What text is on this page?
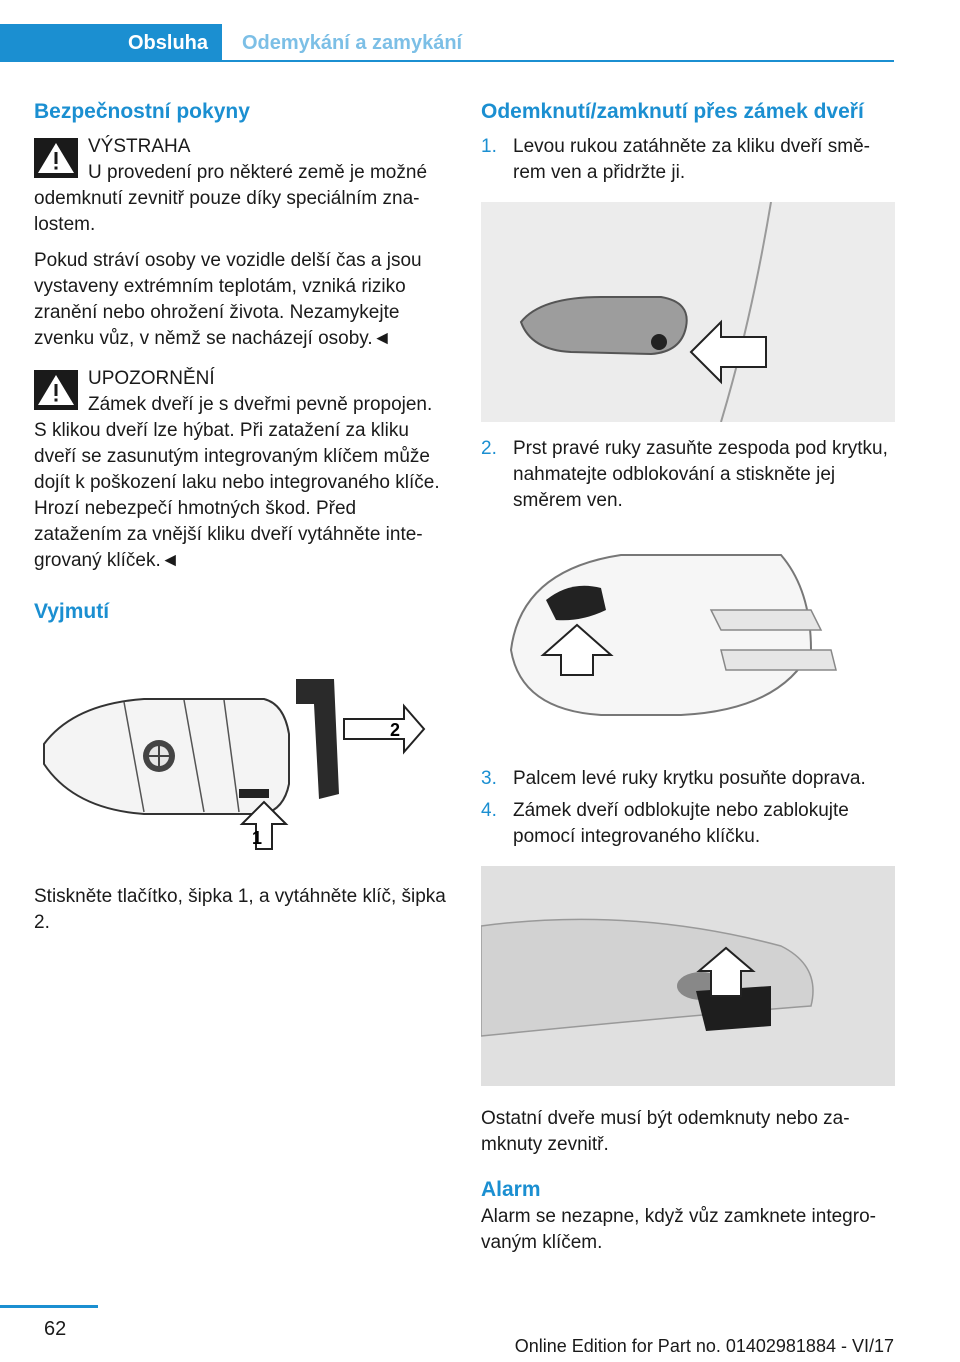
Obsluha	Odemykání a zamykání
Bezpečnostní pokyny
VÝSTRAHA

U provedení pro některé země je možné odemknutí zevnitř pouze díky speciálním zna-lostem.

Pokud stráví osoby ve vozidle delší čas a jsou vystaveny extrémním teplotám, vzniká riziko zranění nebo ohrožení života. Nezamykejte zvenku vůz, v němž se nacházejí osoby.◄

UPOZORNĚNÍ

Zámek dveří je s dveřmi pevně propojen. S klikou dveří lze hýbat. Při zatažení za kliku dveří se zasunutým integrovaným klíčem může dojít k poškození laku nebo integrovaného klíče. Hrozí nebezpečí hmotných škod. Před zatažením za vnější kliku dveří vytáhněte inte-grovaný klíček.◄

Vyjmutí
2
1

Stiskněte tlačítko, šipka 1, a vytáhněte klíč, šipka 2.

Odemknutí/zamknutí přes zámek dveří
1. Levou rukou zatáhněte za kliku dveří smě-rem ven a přidržte ji.
2. Prst pravé ruky zasuňte zespoda pod krytku, nahmatejte odblokování a stiskněte jej směrem ven.
3. Palcem levé ruky krytku posuňte doprava.
4. Zámek dveří odblokujte nebo zablokujte pomocí integrovaného klíčku.

Ostatní dveře musí být odemknuty nebo za-mknuty zevnitř.

Alarm

Alarm se nezapne, když vůz zamknete integro-vaným klíčem.

62
Online Edition for Part no. 01402981884 - VI/17
